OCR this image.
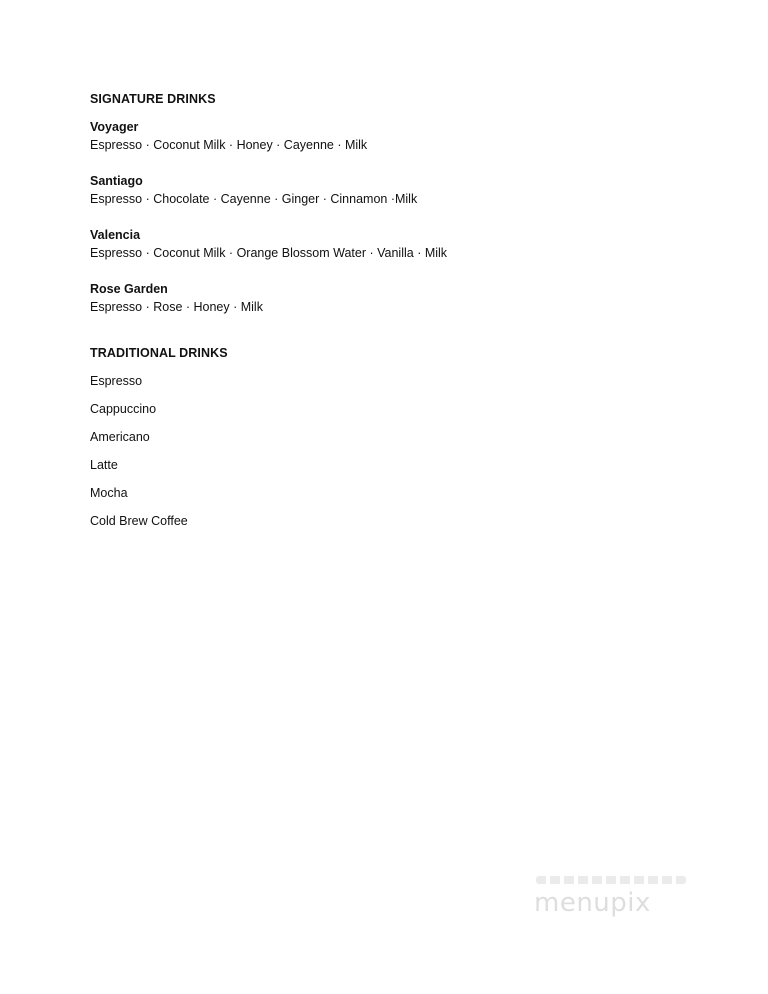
SIGNATURE DRINKS
Voyager
Espresso · Coconut Milk · Honey · Cayenne · Milk
Santiago
Espresso · Chocolate · Cayenne · Ginger · Cinnamon ·Milk
Valencia
Espresso · Coconut Milk · Orange Blossom Water · Vanilla · Milk
Rose Garden
Espresso · Rose · Honey · Milk
TRADITIONAL DRINKS
Espresso
Cappuccino
Americano
Latte
Mocha
Cold Brew Coffee
menupix
